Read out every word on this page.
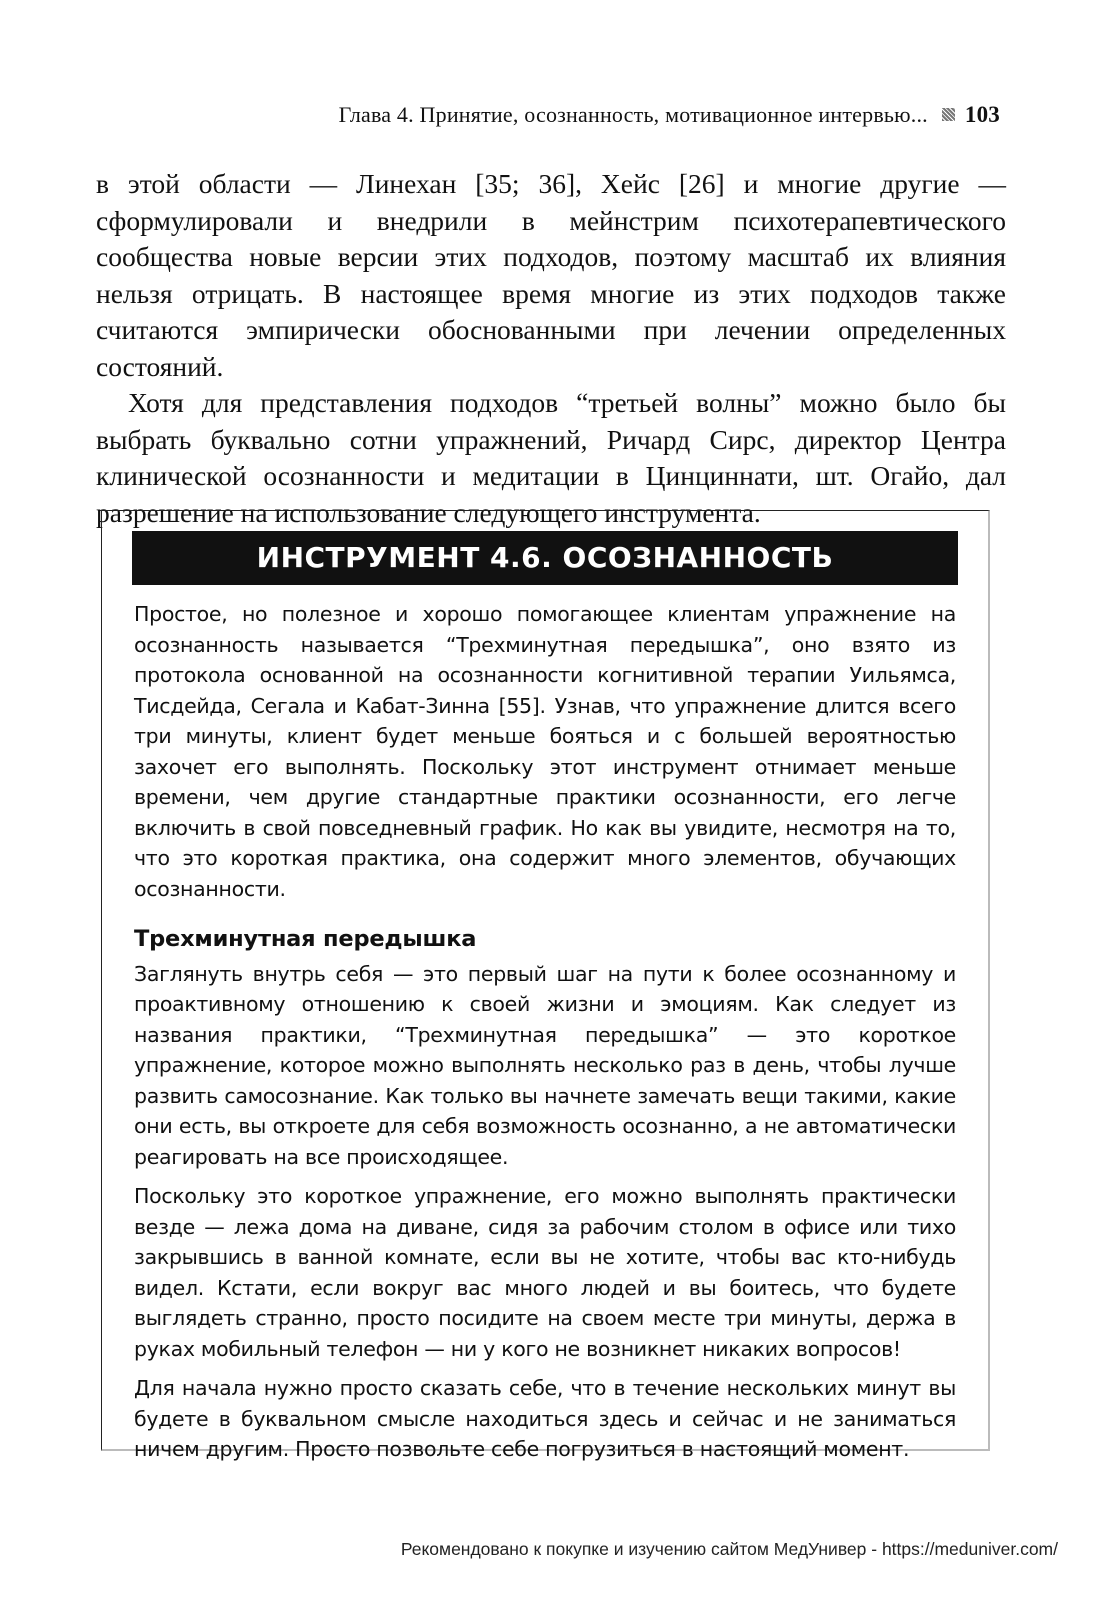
Глава 4. Принятие, осознанность, мотивационное интервью... 103

в этой области — Линехан [35; 36], Хейс [26] и многие другие — сформулировали и внедрили в мейнстрим психотерапевтического сообщества новые версии этих подходов, поэтому масштаб их влияния нельзя отрицать. В настоящее время многие из этих подходов также считаются эмпирически обоснованными при лечении определенных состояний.

Хотя для представления подходов “третьей волны” можно было бы выбрать буквально сотни упражнений, Ричард Сирс, директор Центра клинической осознанности и медитации в Цинциннати, шт. Огайо, дал разрешение на использование следующего инструмента.

ИНСТРУМЕНТ 4.6. ОСОЗНАННОСТЬ

Простое, но полезное и хорошо помогающее клиентам упражнение на осознанность называется “Трехминутная передышка”, оно взято из протокола основанной на осознанности когнитивной терапии Уильямса, Тисдейда, Сегала и Кабат-Зинна [55]. Узнав, что упражнение длится всего три минуты, клиент будет меньше бояться и с большей вероятностью захочет его выполнять. Поскольку этот инструмент отнимает меньше времени, чем другие стандартные практики осознанности, его легче включить в свой повседневный график. Но как вы увидите, несмотря на то, что это короткая практика, она содержит много элементов, обучающих осознанности.

Трехминутная передышка

Заглянуть внутрь себя — это первый шаг на пути к более осознанному и проактивному отношению к своей жизни и эмоциям. Как следует из названия практики, “Трехминутная передышка” — это короткое упражнение, которое можно выполнять несколько раз в день, чтобы лучше развить самосознание. Как только вы начнете замечать вещи такими, какие они есть, вы откроете для себя возможность осознанно, а не автоматически реагировать на все происходящее.

Поскольку это короткое упражнение, его можно выполнять практически везде — лежа дома на диване, сидя за рабочим столом в офисе или тихо закрывшись в ванной комнате, если вы не хотите, чтобы вас кто-нибудь видел. Кстати, если вокруг вас много людей и вы боитесь, что будете выглядеть странно, просто посидите на своем месте три минуты, держа в руках мобильный телефон — ни у кого не возникнет никаких вопросов!

Для начала нужно просто сказать себе, что в течение нескольких минут вы будете в буквальном смысле находиться здесь и сейчас и не заниматься ничем другим. Просто позвольте себе погрузиться в настоящий момент.

Рекомендовано к покупке и изучению сайтом МедУнивер - https://meduniver.com/
